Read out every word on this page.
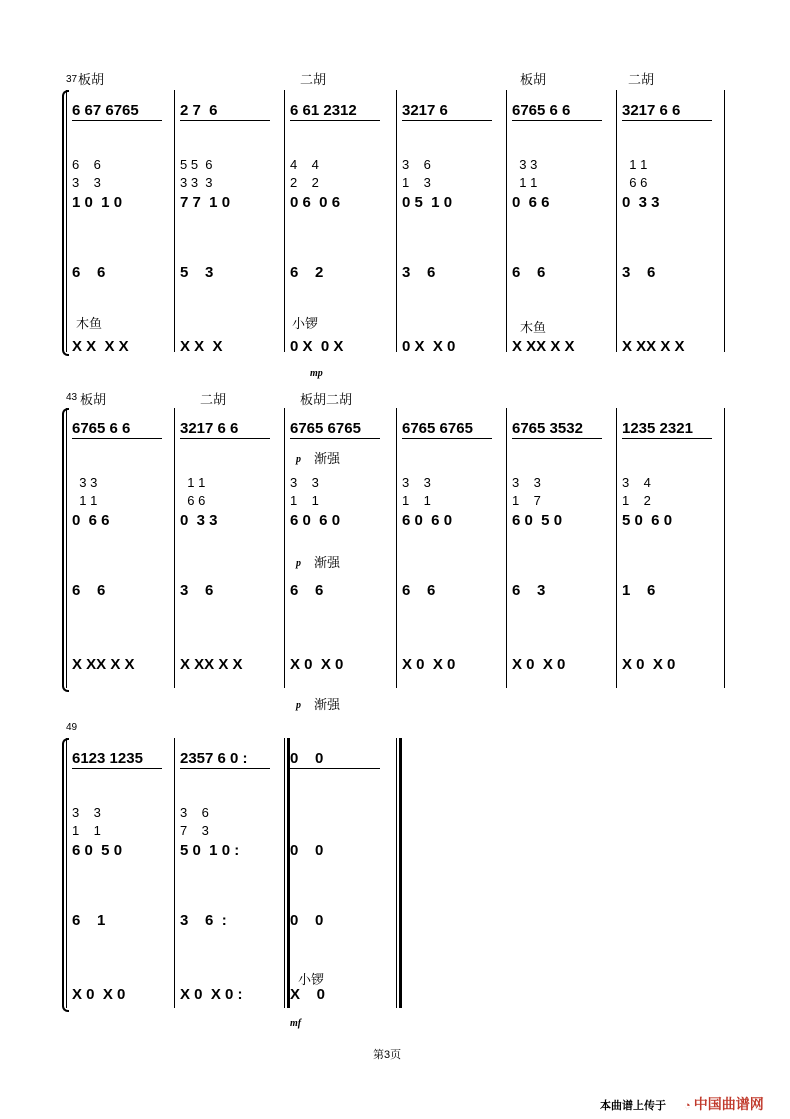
37
6 67 6765
6    6
3    3
1 0  1 0
6    6
X X  X X
2 7  6
5 5  6
3 3  3
7 7  1 0
5    3
X X  X
6 61 2312
4    4
2    2
0 6  0 6
6    2
0 X  0 X
3217 6
3    6
1    3
0 5  1 0
3    6
0 X  X 0
6765 6 6
3 3
1 1
0  6 6
6    6
X XX X X
3217 6 6
1 1
6 6
0  3 3
3    6
X XX X X
板胡	二胡	板胡	二胡
木鱼	小锣	木鱼
mp
43
6765 6 6
3 3
1 1
0  6 6
6    6
X XX X X
3217 6 6
1 1
6 6
0  3 3
3    6
X XX X X
6765 6765
3    3
1    1
6 0  6 0
6    6
X 0  X 0
6765 6765
3    3
1    1
6 0  6 0
6    6
X 0  X 0
6765 3532
3    3
1    7
6 0  5 0
6    3
X 0  X 0
1235 2321
3    4
1    2
5 0  6 0
1    6
X 0  X 0
板胡	二胡	板胡二胡
p 渐强
p 渐强
p 渐强
49
6123 1235
3    3
1    1
6 0  5 0
6    1
X 0  X 0
2357 6 0 :
3    6
7    3
5 0  1 0 :
3    6  :
X 0  X 0 :
0    0
0    0
0    0
X    0
小锣
mf
第3页
本曲谱上传于 ◔ 中国曲谱网
